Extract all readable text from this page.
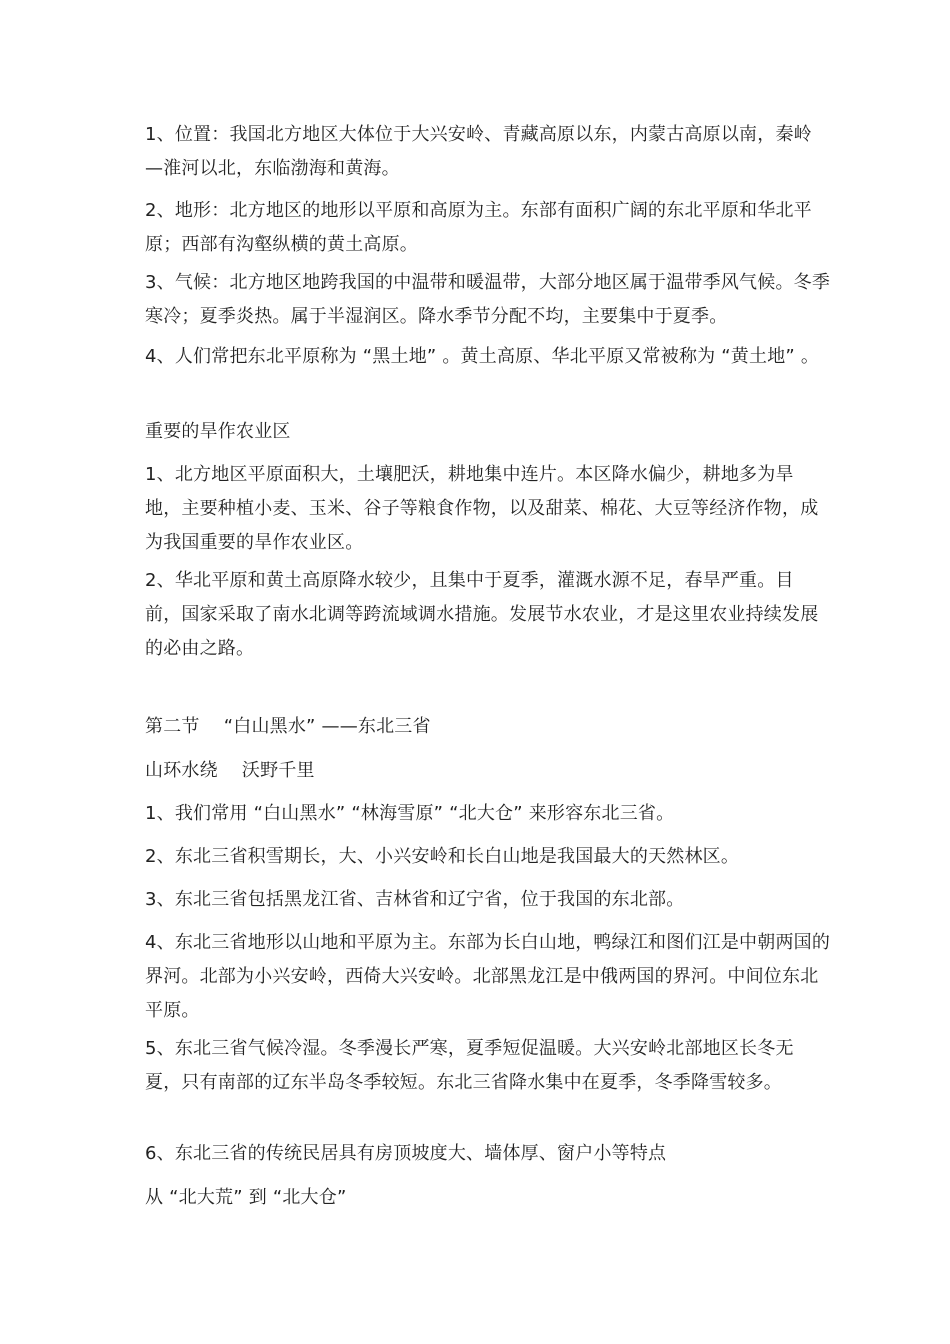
1、位置：我国北方地区大体位于大兴安岭、青藏高原以东，内蒙古高原以南，秦岭—淮河以北，东临渤海和黄海。

2、地形：北方地区的地形以平原和高原为主。东部有面积广阔的东北平原和华北平原；西部有沟壑纵横的黄土高原。

3、气候：北方地区地跨我国的中温带和暖温带，大部分地区属于温带季风气候。冬季寒冷；夏季炎热。属于半湿润区。降水季节分配不均，主要集中于夏季。

4、人们常把东北平原称为 “黑土地” 。黄土高原、华北平原又常被称为 “黄土地” 。

重要的旱作农业区

1、北方地区平原面积大，土壤肥沃，耕地集中连片。本区降水偏少，耕地多为旱地，主要种植小麦、玉米、谷子等粮食作物，以及甜菜、棉花、大豆等经济作物，成为我国重要的旱作农业区。

2、华北平原和黄土高原降水较少，且集中于夏季，灌溉水源不足，春旱严重。目前，国家采取了南水北调等跨流域调水措施。发展节水农业，才是这里农业持续发展的必由之路。

第二节　 “白山黑水” ——东北三省

山环水绕　 沃野千里

1、我们常用 “白山黑水” “林海雪原” “北大仓” 来形容东北三省。

2、东北三省积雪期长，大、小兴安岭和长白山地是我国最大的天然林区。

3、东北三省包括黑龙江省、吉林省和辽宁省，位于我国的东北部。

4、东北三省地形以山地和平原为主。东部为长白山地，鸭绿江和图们江是中朝两国的界河。北部为小兴安岭，西倚大兴安岭。北部黑龙江是中俄两国的界河。中间位东北平原。

5、东北三省气候冷湿。冬季漫长严寒，夏季短促温暖。大兴安岭北部地区长冬无夏，只有南部的辽东半岛冬季较短。东北三省降水集中在夏季，冬季降雪较多。

6、东北三省的传统民居具有房顶坡度大、墙体厚、窗户小等特点

从 “北大荒” 到 “北大仓”
